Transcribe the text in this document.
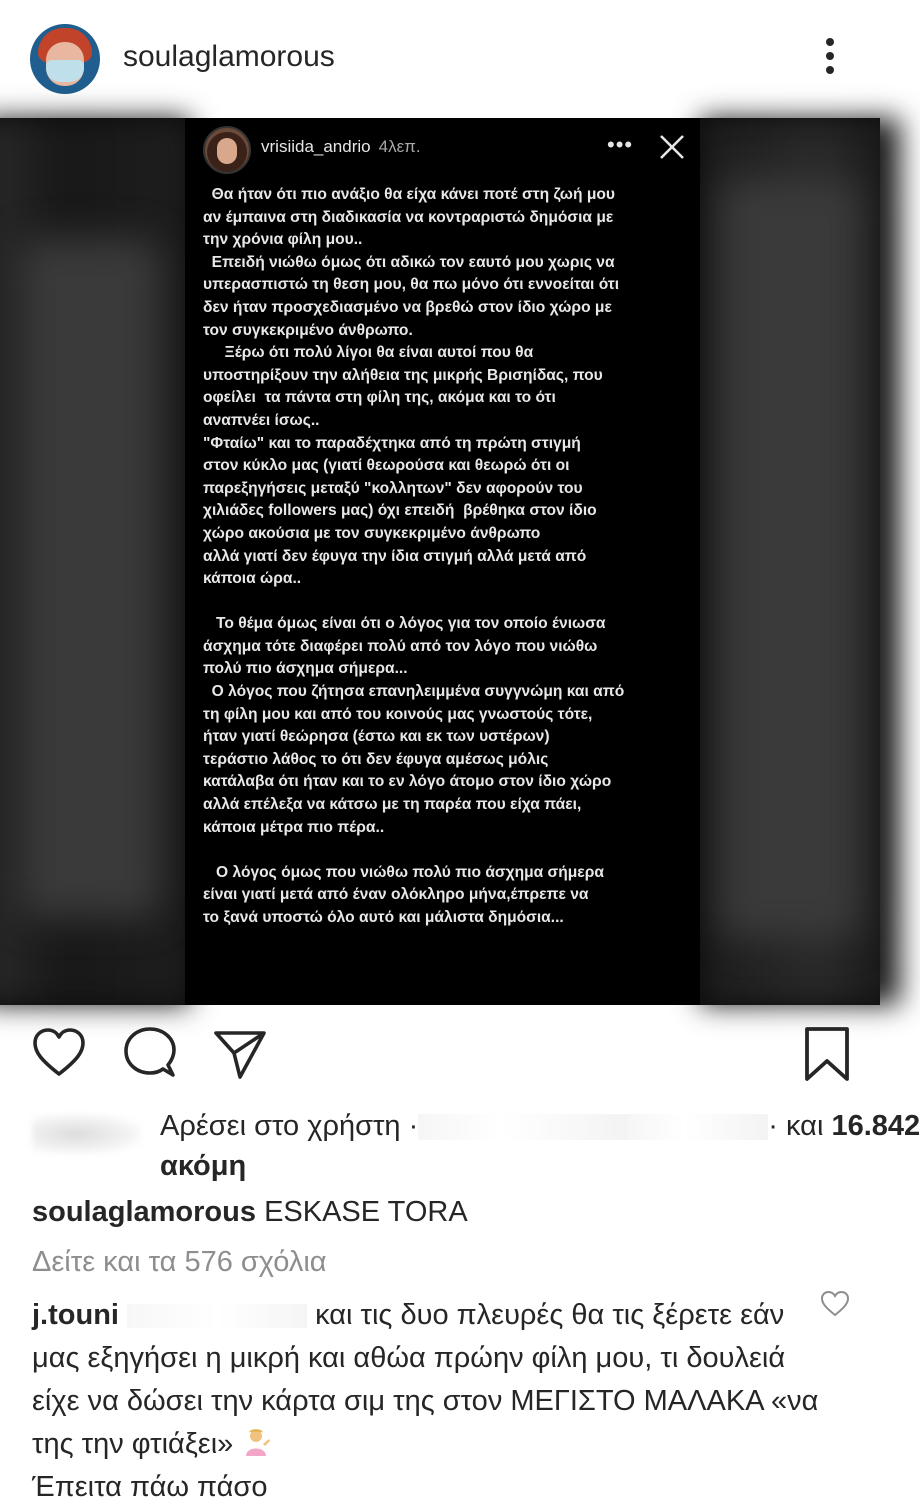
soulaglamorous
vrisiida_andrio 4λεπ.	•••

Θα ήταν ότι πιο ανάξιο θα είχα κάνει ποτέ στη ζωή μου

αν έμπαινα στη διαδικασία να κοντραριστώ δημόσια με

την χρόνια φίλη μου..

Επειδή νιώθω όμως ότι αδικώ τον εαυτό μου χωρις να

υπερασπιστώ τη θεση μου, θα πω μόνο ότι εννοείται ότι

δεν ήταν προσχεδιασμένο να βρεθώ στον ίδιο χώρο με

τον συγκεκριμένο άνθρωπο.

Ξέρω ότι πολύ λίγοι θα είναι αυτοί που θα

υποστηρίξουν την αλήθεια της μικρής Βρισηίδας, που

οφείλει  τα πάντα στη φίλη της, ακόμα και το ότι

αναπνέει ίσως..

"Φταίω" και το παραδέχτηκα από τη πρώτη στιγμή

στον κύκλο μας (γιατί θεωρούσα και θεωρώ ότι οι

παρεξηγήσεις μεταξύ "κολλητων" δεν αφορούν του

χιλιάδες followers μας) όχι επειδή  βρέθηκα στον ίδιο

χώρο ακούσια με τον συγκεκριμένο άνθρωπο

αλλά γιατί δεν έφυγα την ίδια στιγμή αλλά μετά από

κάποια ώρα..

Το θέμα όμως είναι ότι ο λόγος για τον οποίο ένιωσα

άσχημα τότε διαφέρει πολύ από τον λόγο που νιώθω

πολύ πιο άσχημα σήμερα...

Ο λόγος που ζήτησα επανηλειμμένα συγγνώμη και από

τη φίλη μου και από του κοινούς μας γνωστούς τότε,

ήταν γιατί θεώρησα (έστω και εκ των υστέρων)

τεράστιο λάθος το ότι δεν έφυγα αμέσως μόλις

κατάλαβα ότι ήταν και το εν λόγο άτομο στον ίδιο χώρο

αλλά επέλεξα να κάτσω με τη παρέα που είχα πάει,

κάποια μέτρα πιο πέρα..

Ο λόγος όμως που νιώθω πολύ πιο άσχημα σήμερα

είναι γιατί μετά από έναν ολόκληρο μήνα,έπρεπε να

το ξανά υποστώ όλο αυτό και μάλιστα δημόσια...

Αρέσει στο χρήστη ·	· και 16.842
ακόμη
soulaglamorous ESKASE TORA
Δείτε και τα 576 σχόλια
j.touni	και τις δυο πλευρές θα τις ξέρετε εάν μας εξηγήσει η μικρή και αθώα πρώην φίλη μου, τι δουλειά είχε να δώσει την κάρτα σιμ της στον ΜΕΓΙΣΤΟ ΜΑΛΑΚΑ «να της την φτιάξει»
Έπειτα πάω πάσο
